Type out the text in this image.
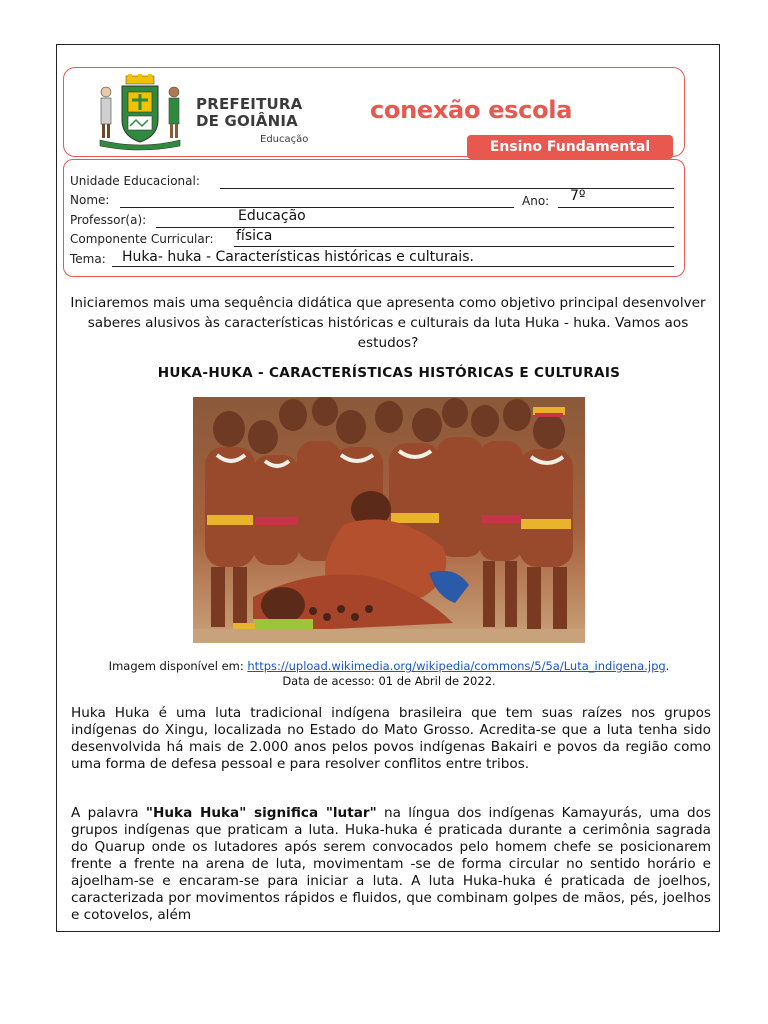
PREFEITURA
DE GOIÂNIA
Educação
conexão escola
Ensino Fundamental
Unidade Educacional:
Nome:	Ano: 7º
Professor(a):	Educação
Componente Curricular: física
Tema: Huka- huka - Características históricas e culturais.
Iniciaremos mais uma sequência didática que apresenta como objetivo principal desenvolver saberes alusivos às características históricas e culturais da luta Huka - huka. Vamos aos estudos?
HUKA-HUKA - CARACTERÍSTICAS HISTÓRICAS E CULTURAIS
Imagem disponível em: https://upload.wikimedia.org/wikipedia/commons/5/5a/Luta_indigena.jpg.
Data de acesso: 01 de Abril de 2022.
Huka Huka é uma luta tradicional indígena brasileira que tem suas raízes nos grupos indígenas do Xingu, localizada no Estado do Mato Grosso. Acredita-se que a luta tenha sido desenvolvida há mais de 2.000 anos pelos povos indígenas Bakairi e povos da região como uma forma de defesa pessoal e para resolver conflitos entre tribos.
A palavra "Huka Huka" significa "lutar" na língua dos indígenas Kamayurás, uma dos grupos indígenas que praticam a luta. Huka-huka é praticada durante a cerimônia sagrada do Quarup onde os lutadores após serem convocados pelo homem chefe se posicionarem frente a frente na arena de luta, movimentam -se de forma circular no sentido horário e ajoelham-se e encaram-se para iniciar a luta. A luta Huka-huka é praticada de joelhos, caracterizada por movimentos rápidos e fluidos, que combinam golpes de mãos, pés, joelhos e cotovelos, além
